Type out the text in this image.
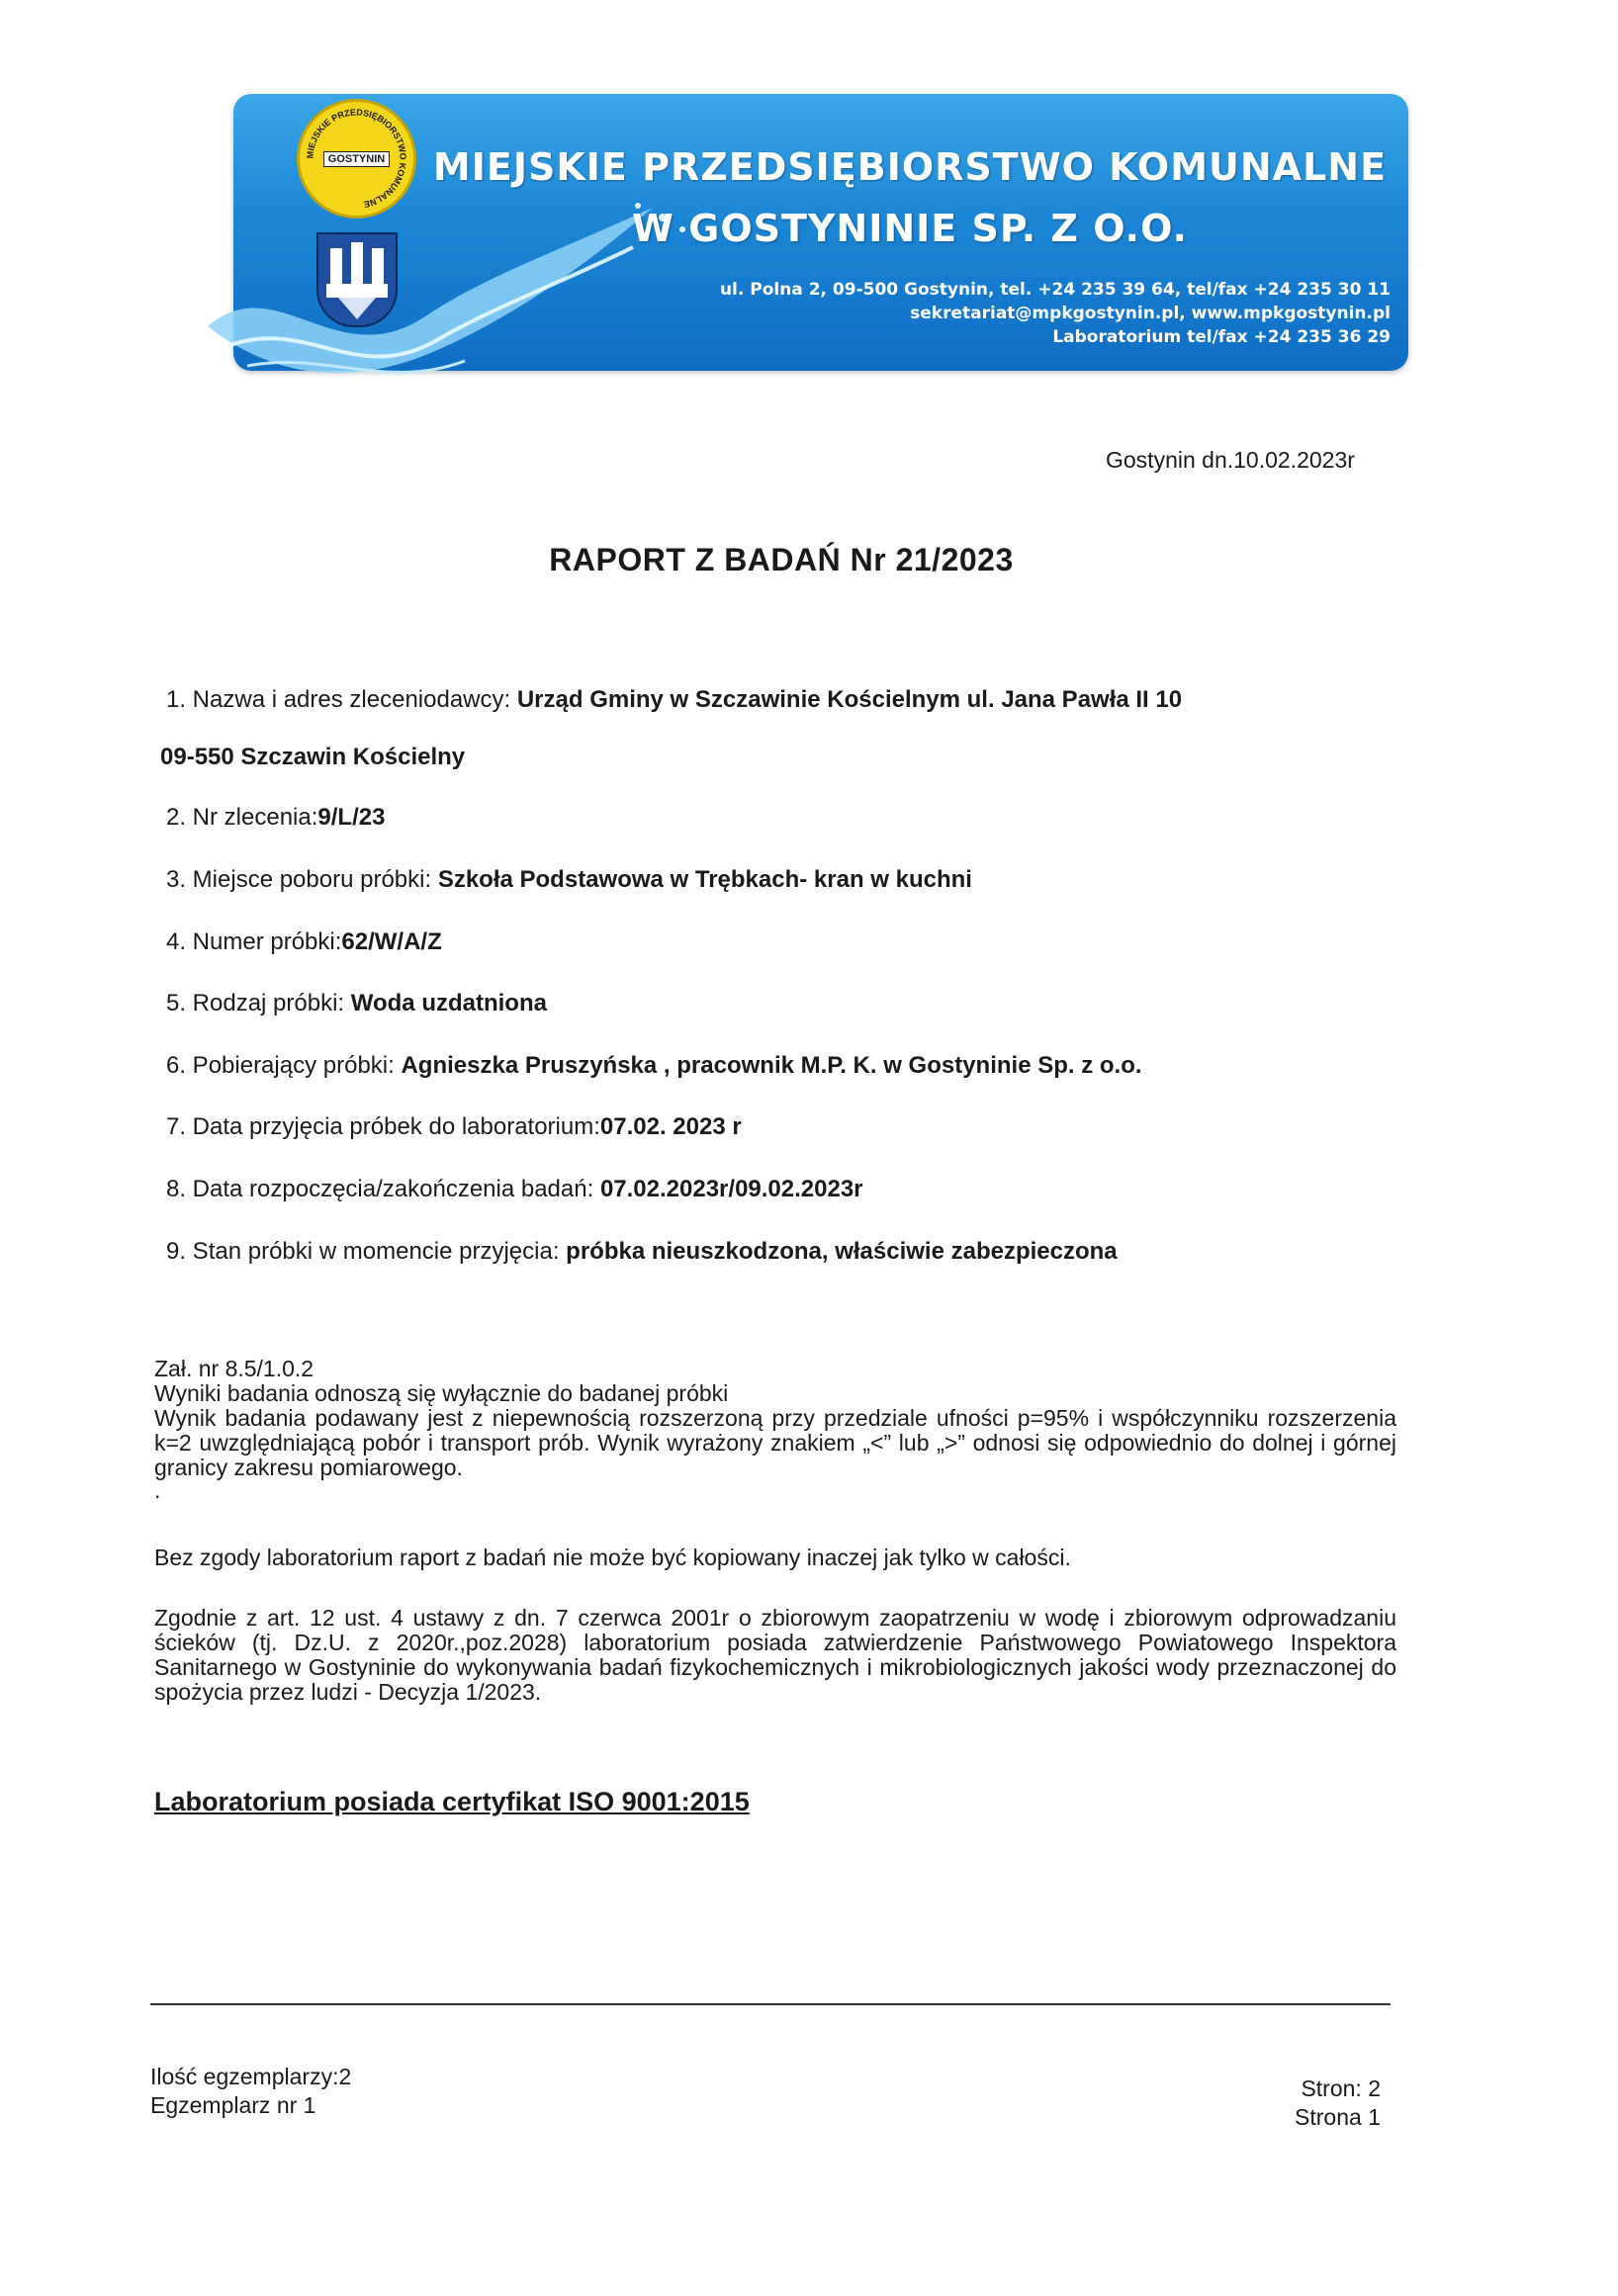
MIEJSKIE PRZEDSIĘBIORSTWO KOMUNALNE
GOSTYNIN	MIEJSKIE PRZEDSIĘBIORSTWO KOMUNALNE
W GOSTYNINIE SP. Z O.O.
ul. Polna 2, 09-500 Gostynin, tel. +24 235 39 64, tel/fax +24 235 30 11
sekretariat@mpkgostynin.pl, www.mpkgostynin.pl
Laboratorium tel/fax +24 235 36 29
Gostynin dn.10.02.2023r
RAPORT Z BADAŃ Nr 21/2023
1. Nazwa i adres zleceniodawcy: Urząd Gminy w Szczawinie Kościelnym ul. Jana Pawła II 10
09-550 Szczawin Kościelny
2. Nr zlecenia:9/L/23
3. Miejsce poboru próbki: Szkoła Podstawowa w Trębkach- kran w kuchni
4. Numer próbki:62/W/A/Z
5. Rodzaj próbki: Woda uzdatniona
6. Pobierający próbki: Agnieszka Pruszyńska , pracownik M.P. K. w Gostyninie Sp. z o.o.
7. Data przyjęcia próbek do laboratorium:07.02. 2023 r
8. Data rozpoczęcia/zakończenia badań: 07.02.2023r/09.02.2023r
9. Stan próbki w momencie przyjęcia: próbka nieuszkodzona, właściwie zabezpieczona
Zał. nr 8.5/1.0.2
Wyniki badania odnoszą się wyłącznie do badanej próbki
Wynik badania podawany jest z niepewnością rozszerzoną przy przedziale ufności p=95% i współczynniku rozszerzenia k=2 uwzględniającą pobór i transport prób. Wynik wyrażony znakiem „<” lub „>” odnosi się odpowiednio do dolnej i górnej granicy zakresu pomiarowego.
.
Bez zgody laboratorium raport z badań nie może być kopiowany inaczej jak tylko w całości.
Zgodnie z art. 12 ust. 4 ustawy z dn. 7 czerwca 2001r o zbiorowym zaopatrzeniu w wodę i zbiorowym odprowadzaniu ścieków (tj. Dz.U. z 2020r.,poz.2028) laboratorium posiada zatwierdzenie Państwowego Powiatowego Inspektora Sanitarnego w Gostyninie do wykonywania badań fizykochemicznych i mikrobiologicznych jakości wody przeznaczonej do spożycia przez ludzi - Decyzja 1/2023.
Laboratorium posiada certyfikat ISO 9001:2015
Ilość egzemplarzy:2
Egzemplarz nr 1
Stron: 2
Strona 1
